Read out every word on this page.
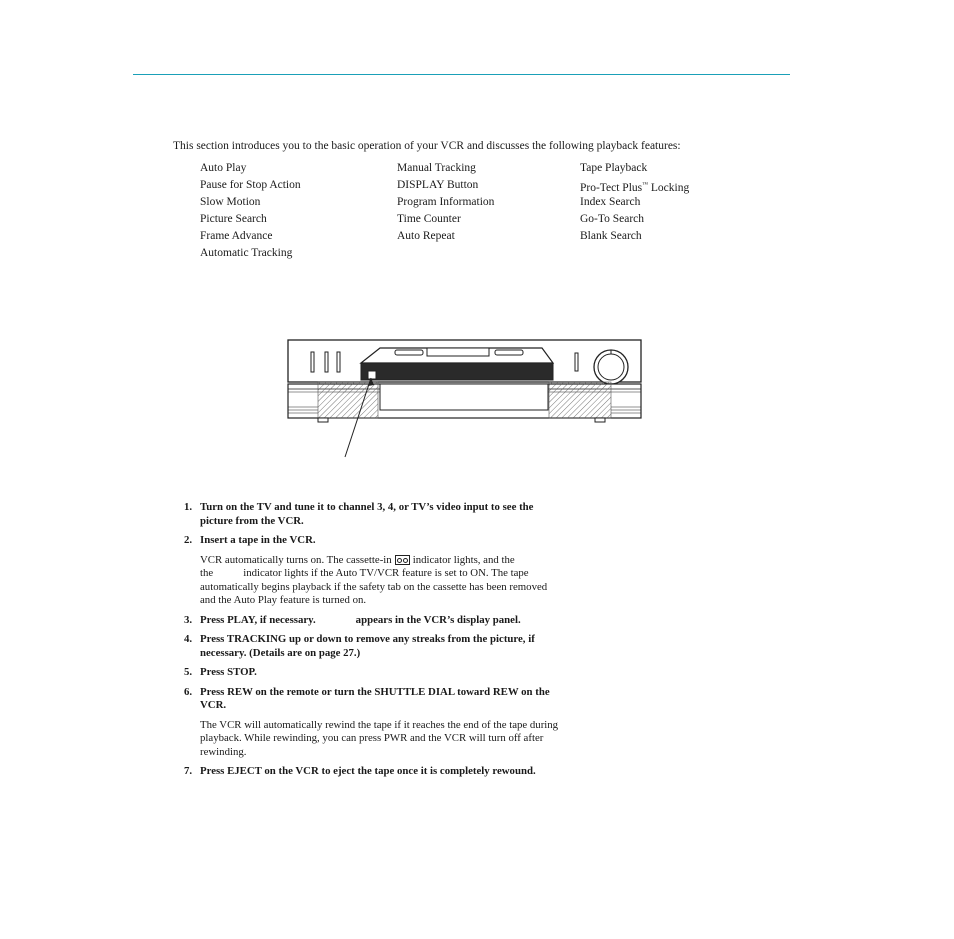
This section introduces you to the basic operation of your VCR and discusses the following playback features:
Auto Play
Pause for Stop Action
Slow Motion
Picture Search
Frame Advance
Automatic Tracking
Manual Tracking
DISPLAY Button
Program Information
Time Counter
Auto Repeat
Tape Playback
Pro-Tect Plus™ Locking
Index Search
Go-To Search
Blank Search
1. Turn on the TV and tune it to channel 3, 4, or TV’s video input to see the picture from the VCR.
2. Insert a tape in the VCR.
VCR automatically turns on. The cassette-in indicator lights, and the
the	indicator lights if the Auto TV/VCR feature is set to ON. The tape automatically begins playback if the safety tab on the cassette has been removed and the Auto Play feature is turned on.
3. Press PLAY, if necessary.	appears in the VCR’s display panel.
4. Press TRACKING up or down to remove any streaks from the picture, if necessary. (Details are on page 27.)
5. Press STOP.
6. Press REW on the remote or turn the SHUTTLE DIAL toward REW on the VCR.
The VCR will automatically rewind the tape if it reaches the end of the tape during playback. While rewinding, you can press PWR and the VCR will turn off after rewinding.
7. Press EJECT on the VCR to eject the tape once it is completely rewound.
